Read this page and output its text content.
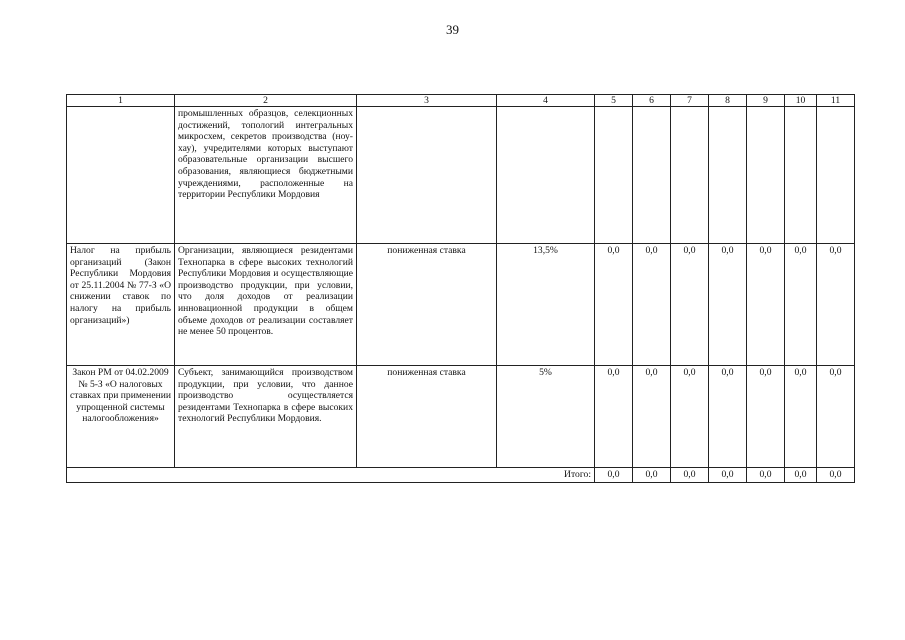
39
1	2	3	4	5	6	7	8	9	10	11
	промышленных образцов, селекционных достижений, топологий интегральных микросхем, секретов производства (ноу-хау), учредителями которых выступают образовательные организации высшего образования, являющиеся бюджетными учреждениями, расположенные на территории Республики Мордовия									
Налог на прибыль организаций (Закон Республики Мордовия от 25.11.2004 № 77-З «О снижении ставок по налогу на прибыль организаций»)	Организации, являющиеся резидентами Технопарка в сфере высоких технологий Республики Мордовия и осуществляющие производство продукции, при условии, что доля доходов от реализации инновационной продукции в общем объеме доходов от реализации составляет не менее 50 процентов.	пониженная ставка	13,5%	0,0	0,0	0,0	0,0	0,0	0,0	0,0
Закон РМ от 04.02.2009 № 5-З «О налоговых ставках при применении упрощенной системы налогообложения»	Субъект, занимающийся производством продукции, при условии, что данное производство осуществляется резидентами Технопарка в сфере высоких технологий Республики Мордовия.	пониженная ставка	5%	0,0	0,0	0,0	0,0	0,0	0,0	0,0
Итого:				0,0	0,0	0,0	0,0	0,0	0,0	0,0
